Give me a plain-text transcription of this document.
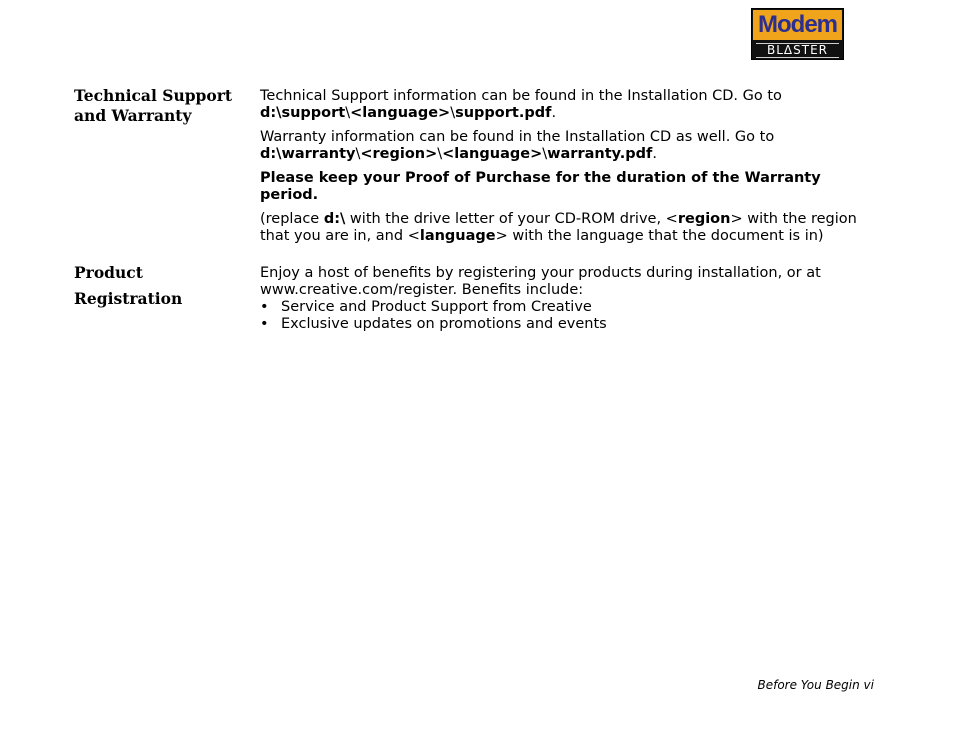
Modem
BLΔSTER
Technical Support
and Warranty

Technical Support information can be found in the Installation CD. Go to
d:\support\<language>\support.pdf.

Warranty information can be found in the Installation CD as well. Go to
d:\warranty\<region>\<language>\warranty.pdf.

Please keep your Proof of Purchase for the duration of the Warranty period.

(replace d:\ with the drive letter of your CD-ROM drive, <region> with the region that you are in, and <language> with the language that the document is in)

Product
Registration
Enjoy a host of benefits by registering your products during installation, or at www.creative.com/register. Benefits include:
• Service and Product Support from Creative
• Exclusive updates on promotions and events
Before You Begin vi
